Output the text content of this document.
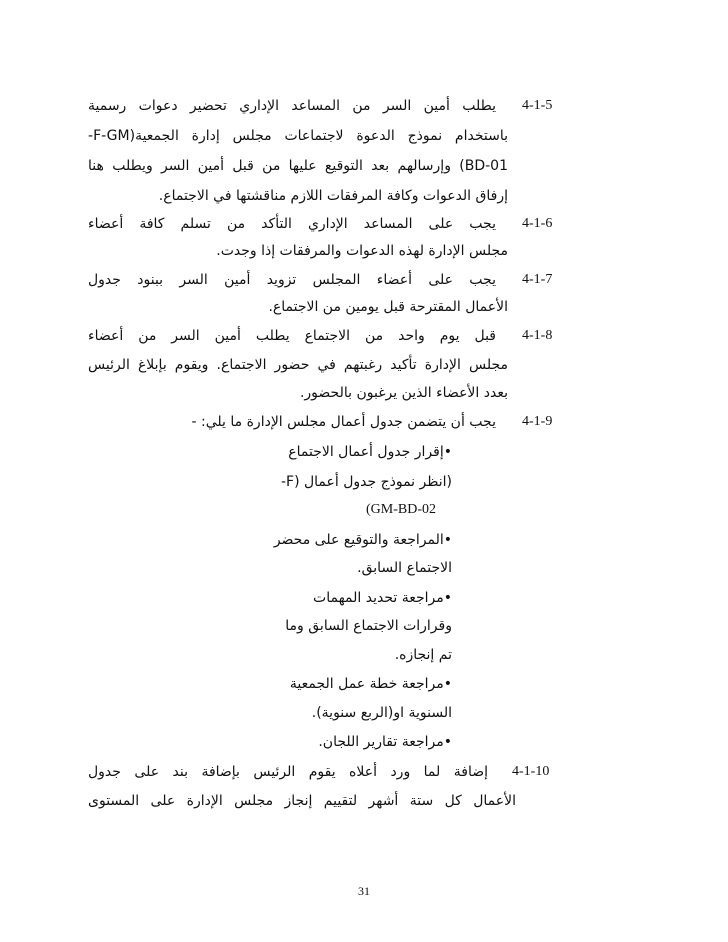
4-1-5
يطلب أمين السر من المساعد الإداري تحضير دعوات رسمية
باستخدام نموذج الدعوة لاجتماعات مجلس إدارة الجمعية(F-GM-
BD-01) وإرسالهم بعد التوقيع عليها من قبل أمين السر ويطلب هنا
إرفاق الدعوات وكافة المرفقات اللازم مناقشتها في الاجتماع.
4-1-6
يجب على المساعد الإداري التأكد من تسلم كافة أعضاء
مجلس الإدارة لهذه الدعوات والمرفقات إذا وجدت.
4-1-7
يجب على أعضاء المجلس تزويد أمين السر ببنود جدول
الأعمال المقترحة قبل يومين من الاجتماع.
4-1-8
قبل يوم واحد من الاجتماع يطلب أمين السر من أعضاء
مجلس الإدارة تأكيد رغبتهم في حضور الاجتماع. ويقوم بإبلاغ الرئيس
بعدد الأعضاء الذين يرغبون بالحضور.
4-1-9
يجب أن يتضمن جدول أعمال مجلس الإدارة ما يلي: -
•إقرار جدول أعمال الاجتماع
(انظر نموذج جدول أعمال (F-
(GM-BD-02
•المراجعة والتوقيع على محضر
الاجتماع السابق.
•مراجعة تحديد المهمات
وقرارات الاجتماع السابق وما
تم إنجازه.
•مراجعة خطة عمل الجمعية
السنوية او(الربع سنوية).
•مراجعة تقارير اللجان.
4-1-10
إضافة لما ورد أعلاه يقوم الرئيس بإضافة بند على جدول
الأعمال كل ستة أشهر لتقييم إنجاز مجلس الإدارة على المستوى
31
